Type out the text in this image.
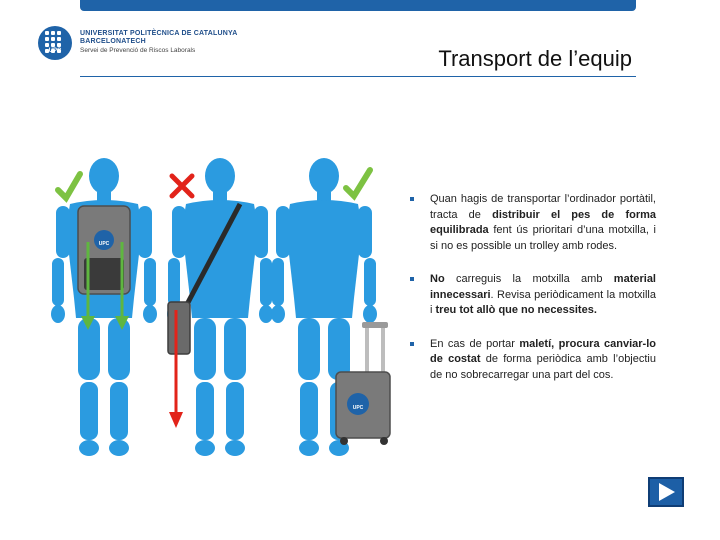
UPC
UNIVERSITAT POLITÈCNICA DE CATALUNYA
BARCELONATECH
Servei de Prevenció de Riscos Laborals	Transport de l’equip
UPC
UPC
Quan hagis de transportar l’ordinador portàtil, tracta de distribuir el pes de forma equilibrada fent ús prioritari d’una motxilla, i si no es possible un trolley amb rodes.
No carreguis la motxilla amb material innecessari. Revisa periòdicament la motxilla i treu tot allò que no necessites.
En cas de portar maletí, procura canviar-lo de costat de forma periòdica amb l’objectiu de no sobrecarregar una part del cos.
